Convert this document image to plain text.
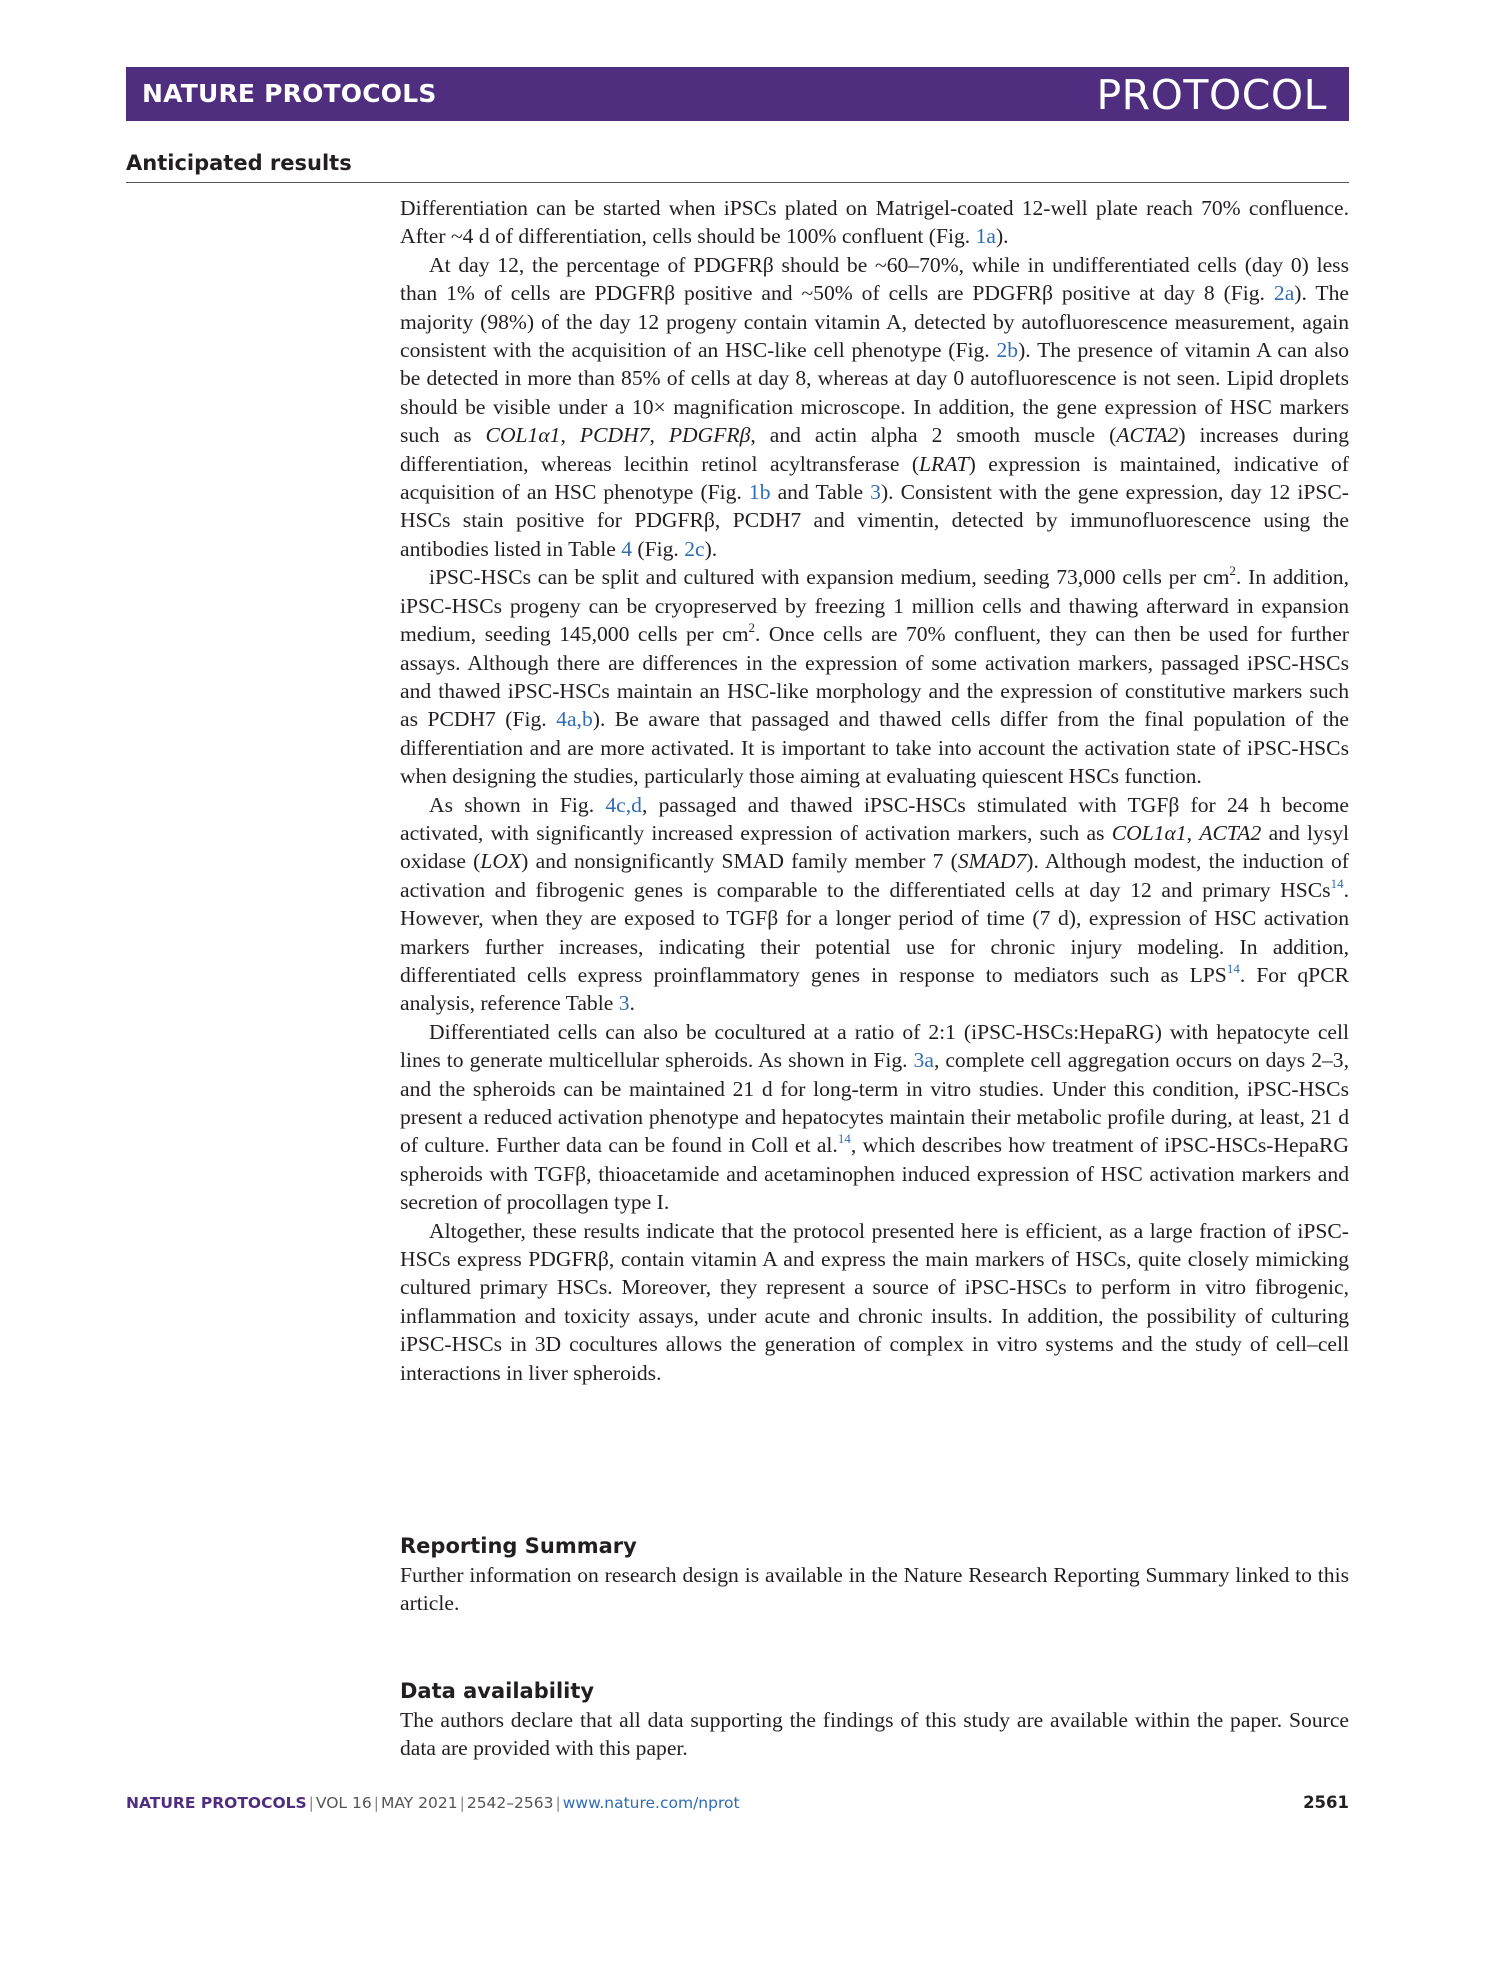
NATURE PROTOCOLS	PROTOCOL
Anticipated results

Differentiation can be started when iPSCs plated on Matrigel-coated 12-well plate reach 70% confluence. After ~4 d of differentiation, cells should be 100% confluent (Fig. 1a).

At day 12, the percentage of PDGFRβ should be ~60–70%, while in undifferentiated cells (day 0) less than 1% of cells are PDGFRβ positive and ~50% of cells are PDGFRβ positive at day 8 (Fig. 2a). The majority (98%) of the day 12 progeny contain vitamin A, detected by autofluorescence measurement, again consistent with the acquisition of an HSC-like cell phenotype (Fig. 2b). The presence of vitamin A can also be detected in more than 85% of cells at day 8, whereas at day 0 autofluorescence is not seen. Lipid droplets should be visible under a 10× magnification microscope. In addition, the gene expression of HSC markers such as COL1α1, PCDH7, PDGFRβ, and actin alpha 2 smooth muscle (ACTA2) increases during differentiation, whereas lecithin retinol acyltransferase (LRAT) expression is maintained, indicative of acquisition of an HSC phenotype (Fig. 1b and Table 3). Consistent with the gene expression, day 12 iPSC-HSCs stain positive for PDGFRβ, PCDH7 and vimentin, detected by immunofluorescence using the antibodies listed in Table 4 (Fig. 2c).

iPSC-HSCs can be split and cultured with expansion medium, seeding 73,000 cells per $cm^2$. In addition, iPSC-HSCs progeny can be cryopreserved by freezing 1 million cells and thawing afterward in expansion medium, seeding 145,000 cells per $cm^2$. Once cells are 70% confluent, they can then be used for further assays. Although there are differences in the expression of some activation markers, passaged iPSC-HSCs and thawed iPSC-HSCs maintain an HSC-like morphology and the expression of constitutive markers such as PCDH7 (Fig. 4a,b). Be aware that passaged and thawed cells differ from the final population of the differentiation and are more activated. It is important to take into account the activation state of iPSC-HSCs when designing the studies, particularly those aiming at evaluating quiescent HSCs function.

As shown in Fig. 4c,d, passaged and thawed iPSC-HSCs stimulated with TGFβ for 24 h become activated, with significantly increased expression of activation markers, such as COL1α1, ACTA2 and lysyl oxidase (LOX) and nonsignificantly SMAD family member 7 (SMAD7). Although modest, the induction of activation and fibrogenic genes is comparable to the differentiated cells at day 12 and primary HSCs$^{14}$. However, when they are exposed to TGFβ for a longer period of time (7 d), expression of HSC activation markers further increases, indicating their potential use for chronic injury modeling. In addition, differentiated cells express proinflammatory genes in response to mediators such as LPS$^{14}$. For qPCR analysis, reference Table 3.

Differentiated cells can also be cocultured at a ratio of 2:1 (iPSC-HSCs:HepaRG) with hepatocyte cell lines to generate multicellular spheroids. As shown in Fig. 3a, complete cell aggregation occurs on days 2–3, and the spheroids can be maintained 21 d for long-term in vitro studies. Under this condition, iPSC-HSCs present a reduced activation phenotype and hepatocytes maintain their metabolic profile during, at least, 21 d of culture. Further data can be found in Coll et al.$^{14}$, which describes how treatment of iPSC-HSCs-HepaRG spheroids with TGFβ, thioacetamide and acetaminophen induced expression of HSC activation markers and secretion of procollagen type I.

Altogether, these results indicate that the protocol presented here is efficient, as a large fraction of iPSC-HSCs express PDGFRβ, contain vitamin A and express the main markers of HSCs, quite closely mimicking cultured primary HSCs. Moreover, they represent a source of iPSC-HSCs to perform in vitro fibrogenic, inflammation and toxicity assays, under acute and chronic insults. In addition, the possibility of culturing iPSC-HSCs in 3D cocultures allows the generation of complex in vitro systems and the study of cell–cell interactions in liver spheroids.

Reporting Summary
Further information on research design is available in the Nature Research Reporting Summary linked to this article.
Data availability
The authors declare that all data supporting the findings of this study are available within the paper. Source data are provided with this paper.
NATURE PROTOCOLS | VOL 16 | MAY 2021 | 2542–2563 | www.nature.com/nprot	2561
